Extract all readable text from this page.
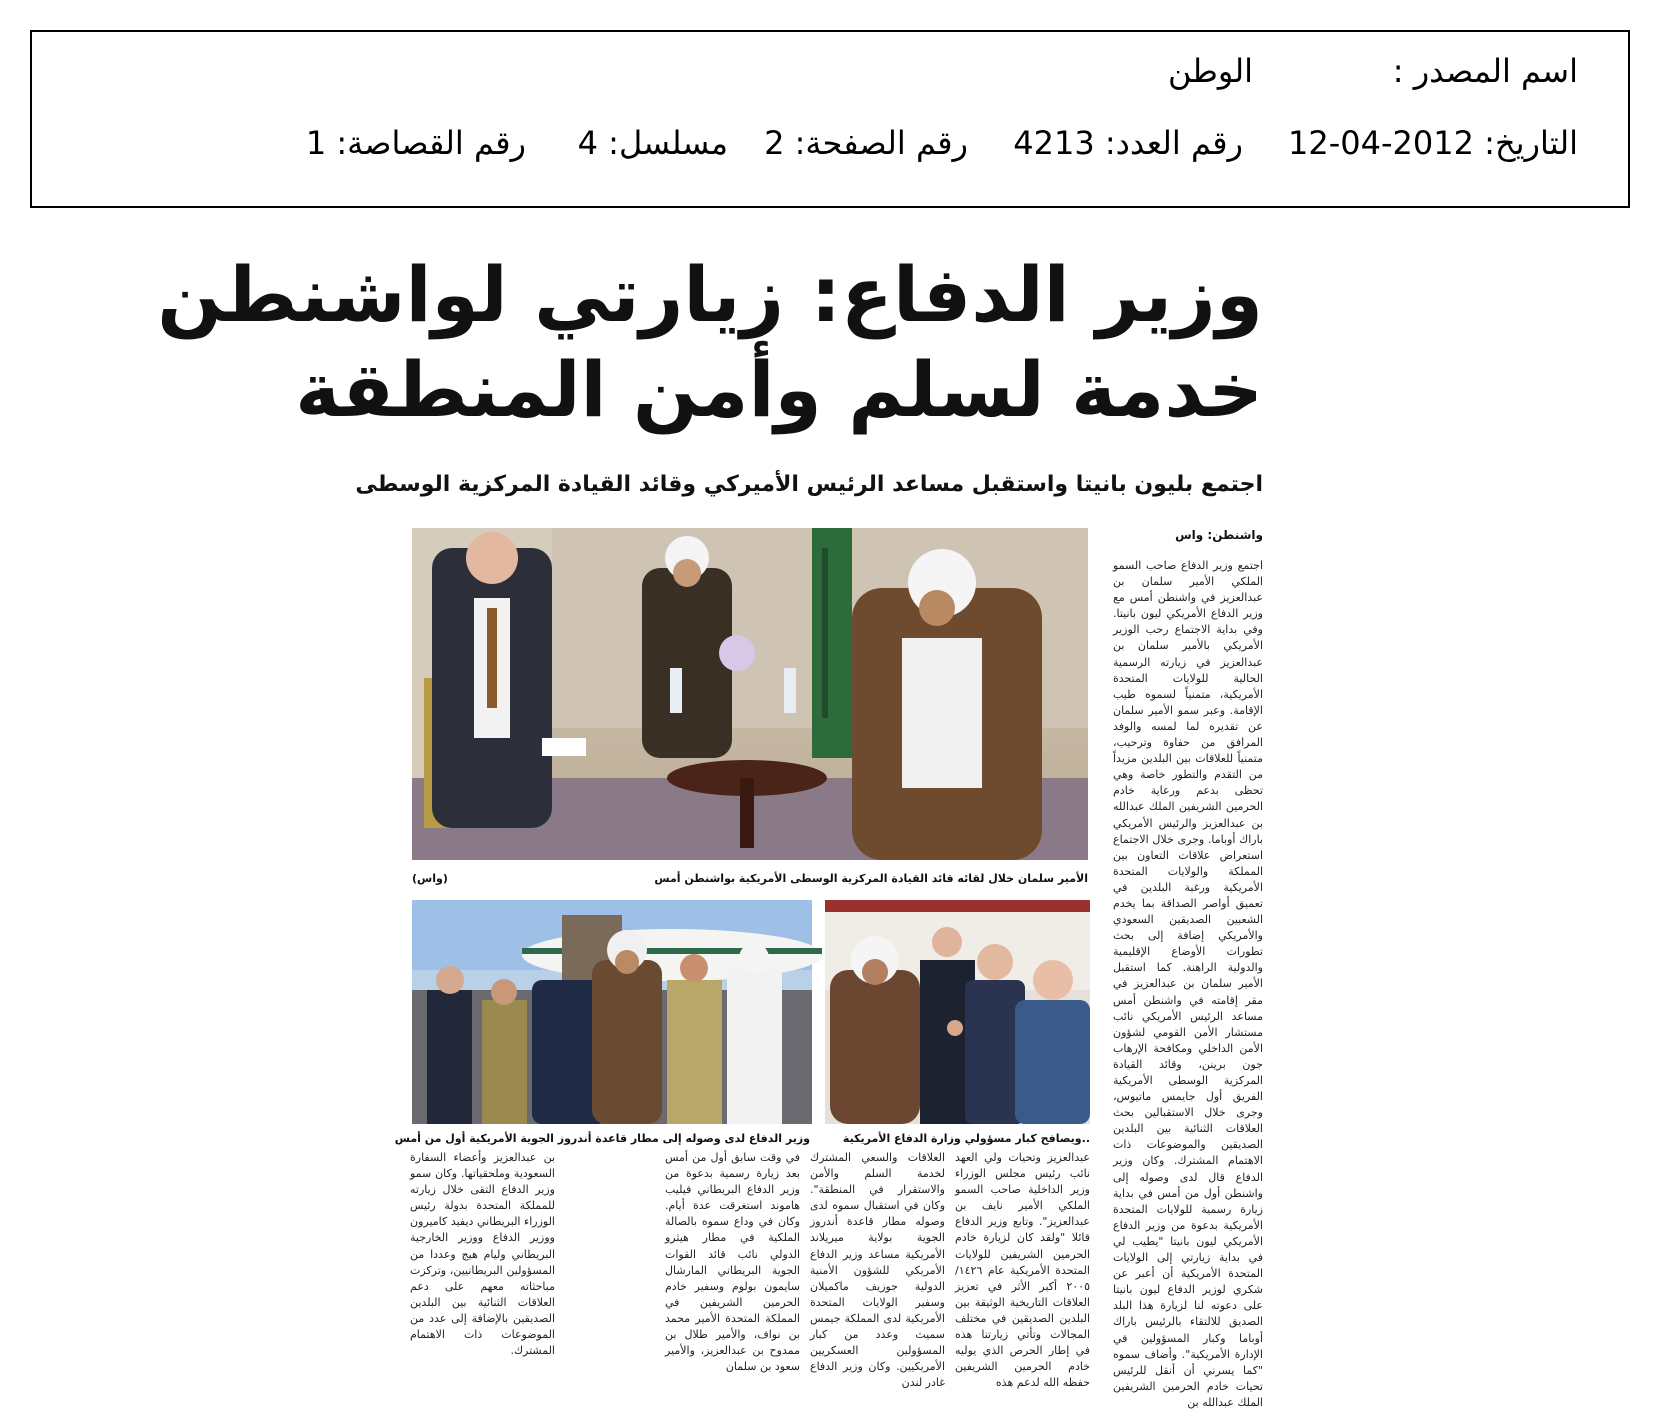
اسم المصدر :
الوطن
التاريخ: 2012-04-12
رقم العدد: 4213
رقم الصفحة: 2
مسلسل: 4
رقم القصاصة: 1
وزير الدفاع: زيارتي لواشنطن
خدمة لسلم وأمن المنطقة
اجتمع بليون بانيتا واستقبل مساعد الرئيس الأميركي وقائد القيادة المركزية الوسطى
الأمير سلمان خلال لقائه قائد القيادة المركزية الوسطى الأمريكية بواشنطن أمس
(واس)
..ويصافح كبار مسؤولي وزارة الدفاع الأمريكية
وزير الدفاع لدى وصوله إلى مطار قاعدة أندروز الجوية الأمريكية أول من أمس
واشنطن: واس
اجتمع وزير الدفاع صاحب السمو الملكي الأمير سلمان بن عبدالعزيز في واشنطن أمس مع وزير الدفاع الأمريكي ليون بانيتا. وفي بداية الاجتماع رحب الوزير الأمريكي بالأمير سلمان بن عبدالعزيز في زيارته الرسمية الحالية للولايات المتحدة الأمريكية، متمنياً لسموه طيب الإقامة. وعبر سمو الأمير سلمان عن تقديره لما لمسه والوفد المرافق من حفاوة وترحيب، متمنياً للعلاقات بين البلدين مزيداً من التقدم والتطور خاصة وهي تحظى بدعم ورعاية خادم الحرمين الشريفين الملك عبدالله بن عبدالعزيز والرئيس الأمريكي باراك أوباما. وجرى خلال الاجتماع استعراض علاقات التعاون بين المملكة والولايات المتحدة الأمريكية ورغبة البلدين في تعميق أواصر الصداقة بما يخدم الشعبين الصديقين السعودي والأمريكي إضافة إلى بحث تطورات الأوضاع الإقليمية والدولية الراهنة. كما استقبل الأمير سلمان بن عبدالعزيز في مقر إقامته في واشنطن أمس مساعد الرئيس الأمريكي نائب مستشار الأمن القومي لشؤون الأمن الداخلي ومكافحة الإرهاب جون برينن، وقائد القيادة المركزية الوسطى الأمريكية الفريق أول جايمس ماتيوس، وجرى خلال الاستقبالين بحث العلاقات الثنائية بين البلدين الصديقين والموضوعات ذات الاهتمام المشترك. وكان وزير الدفاع قال لدى وصوله إلى واشنطن أول من أمس في بداية زيارة رسمية للولايات المتحدة الأمريكية بدعوة من وزير الدفاع الأمريكي ليون بانيتا "يطيب لي في بداية زيارتي إلى الولايات المتحدة الأمريكية أن أعبر عن شكري لوزير الدفاع ليون بانيتا على دعوته لنا لزيارة هذا البلد الصديق للالتقاء بالرئيس باراك أوباما وكبار المسؤولين في الإدارة الأمريكية". وأضاف سموه "كما يسرني أن أنقل للرئيس تحيات خادم الحرمين الشريفين الملك عبدالله بن
عبدالعزيز وتحيات ولي العهد نائب رئيس مجلس الوزراء وزير الداخلية صاحب السمو الملكي الأمير نايف بن عبدالعزيز". وتابع وزير الدفاع قائلا "ولقد كان لزيارة خادم الحرمين الشريفين للولايات المتحدة الأمريكية عام ١٤٢٦/ ٢٠٠٥ أكبر الأثر في تعزيز العلاقات التاريخية الوثيقة بين البلدين الصديقين في مختلف المجالات وتأتي زيارتنا هذه في إطار الحرص الذي يوليه خادم الحرمين الشريفين حفظه الله لدعم هذه
العلاقات والسعي المشترك لخدمة السلم والأمن والاستقرار في المنطقة". وكان في استقبال سموه لدى وصوله مطار قاعدة أندروز الجوية بولاية ميريلاند الأمريكية مساعد وزير الدفاع الأمريكي للشؤون الأمنية الدولية جوزيف ماكميلان وسفير الولايات المتحدة الأمريكية لدى المملكة جيمس سميث وعدد من كبار المسؤولين العسكريين الأمريكيين. وكان وزير الدفاع غادر لندن
في وقت سابق أول من أمس بعد زيارة رسمية بدعوة من وزير الدفاع البريطاني فيليب هاموند استغرقت عدة أيام. وكان في وداع سموه بالصالة الملكية في مطار هيثرو الدولي نائب قائد القوات الجوية البريطاني المارشال سايمون بولوم وسفير خادم الحرمين الشريفين في المملكة المتحدة الأمير محمد بن نواف، والأمير طلال بن ممدوح بن عبدالعزيز، والأمير سعود بن سلمان
بن عبدالعزيز وأعضاء السفارة السعودية وملحقياتها. وكان سمو وزير الدفاع التقى خلال زيارته للمملكة المتحدة بدولة رئيس الوزراء البريطاني ديفيد كاميرون ووزير الدفاع ووزير الخارجية البريطاني وليام هيج وعددا من المسؤولين البريطانيين، وتركزت مباحثاته معهم على دعم العلاقات الثنائية بين البلدين الصديقين بالإضافة إلى عدد من الموضوعات ذات الاهتمام المشترك.
